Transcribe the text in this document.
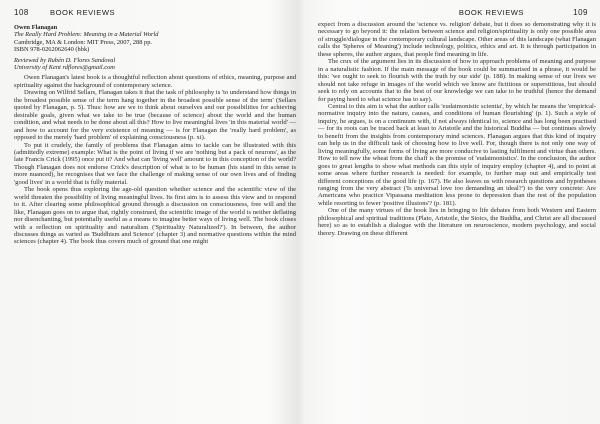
108	BOOK REVIEWS
Owen Flanagan
The Really Hard Problem: Meaning in a Material World
Cambridge, MA & London: MIT Press, 2007, 288 pp.
ISBN 978-0262062640 (hbk)
Reviewed by Rubén D. Flores Sandoval
University of Kent rdflores@gmail.com

Owen Flanagan's latest book is a thoughtful reflection about questions of ethics, meaning, purpose and spirituality against the background of contemporary science.

Drawing on Wilfrid Sellars, Flanagan takes it that the task of philosophy is 'to understand how things in the broadest possible sense of the term hang together in the broadest possible sense of the term' (Sellars quoted by Flanagan, p. 5). Thus: how are we to think about ourselves and our possibilities for achieving desirable goals, given what we take to be true (because of science) about the world and the human condition, and what needs to be done about all this? How to live meaningful lives 'in this material world' — and how to account for the very existence of meaning — is for Flanagan the 'really hard problem', as opposed to the merely 'hard problem' of explaining consciousness (p. xi).

To put it crudely, the family of problems that Flanagan aims to tackle can be illustrated with this (admittedly extreme) example: What is the point of living if we are 'nothing but a pack of neurons', as the late Francis Crick (1995) once put it? And what can 'living well' amount to in this conception of the world? Though Flanagan does not endorse Crick's description of what is to be human (his stand in this sense is more nuanced), he recognises that we face the challenge of making sense of our own lives and of finding 'good lives' in a world that is fully material.

The book opens thus exploring the age-old question whether science and the scientific view of the world threaten the possibility of living meaningful lives. Its first aim is to assess this view and to respond to it. After clearing some philosophical ground through a discussion on consciousness, free will and the like, Flanagan goes on to argue that, rightly construed, the scientific image of the world is neither deflating nor disenchanting, but potentially useful as a means to imagine better ways of living well. The book closes with a reflection on spirituality and naturalism ('Spirituality Naturalized?'). In between, the author discusses things as varied as 'Buddhism and Science' (chapter 3) and normative questions within the mind sciences (chapter 4). The book thus covers much of ground that one might

BOOK REVIEWS	109

expect from a discussion around the 'science vs. religion' debate, but it does so demonstrating why it is necessary to go beyond it: the relation between science and religion/spirituality is only one possible area of struggle/dialogue in the contemporary cultural landscape. Other areas of this landscape (what Flanagan calls the 'Spheres of Meaning') include technology, politics, ethics and art. It is through participation in these spheres, the author argues, that people find meaning in life.

The crux of the argument lies in its discussion of how to approach problems of meaning and purpose in a naturalistic fashion. If the main message of the book could be summarised in a phrase, it would be this: 'we ought to seek to flourish with the truth by our side' (p. 188). In making sense of our lives we should not take refuge in images of the world which we know are fictitious or superstitious, but should seek to rely on accounts that to the best of our knowledge we can take to be truthful (hence the demand for paying heed to what science has to say).

Central to this aim is what the author calls 'eudaimonistic scientia', by which he means the 'empirical-normative inquiry into the nature, causes, and conditions of human flourishing' (p. 1). Such a style of inquiry, he argues, is on a continuum with, if not always identical to, science and has long been practised — for its roots can be traced back at least to Aristotle and the historical Buddha — but continues slowly to benefit from the insights from contemporary mind sciences. Flanagan argues that this kind of inquiry can help us in the difficult task of choosing how to live well. For, though there is not only one way of living meaningfully, some forms of living are more conducive to lasting fulfilment and virtue than others. How to tell now the wheat from the chaff is the promise of 'eudaimonistics'. In the conclusion, the author goes to great lengths to show what methods can this style of inquiry employ (chapter 4), and to point at some areas where further research is needed: for example, to further map out and empirically test different conceptions of the good life (p. 167). He also leaves us with research questions and hypotheses ranging from the very abstract ('Is universal love too demanding an ideal?') to the very concrete: Are Americans who practice Vipassana meditation less prone to depression than the rest of the population while resorting to fewer 'positive illusions'? (p. 181).

One of the many virtues of the book lies in bringing to life debates from both Western and Eastern philosophical and spiritual traditions (Plato, Aristotle, the Stoics, the Buddha, and Christ are all discussed here) so as to establish a dialogue with the literature on neuroscience, modern psychology, and social theory. Drawing on these different
